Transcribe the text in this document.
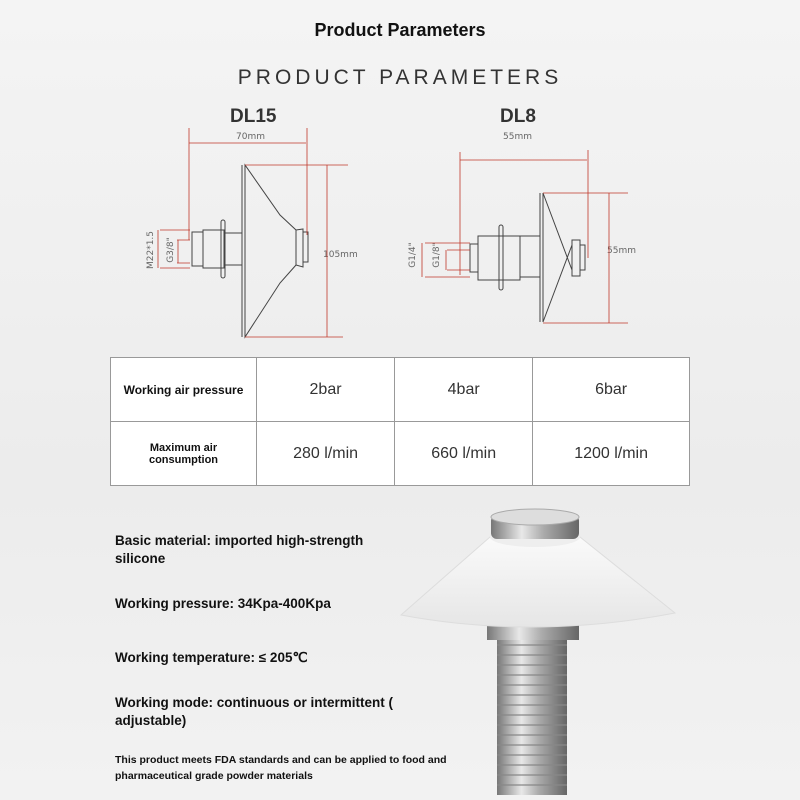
Product Parameters
PRODUCT PARAMETERS
DL15
70mm
105mm
M22*1.5 G3/8"
DL8
55mm
55mm
G1/4" G1/8"
Working air pressure	2bar	4bar	6bar
Maximum air consumption	280 l/min	660 l/min	1200 l/min
Basic material: imported high-strength silicone
Working pressure: 34Kpa-400Kpa
Working temperature: ≤ 205℃
Working mode: continuous or intermittent ( adjustable)
This product meets FDA standards and can be applied to food and pharmaceutical grade powder materials
